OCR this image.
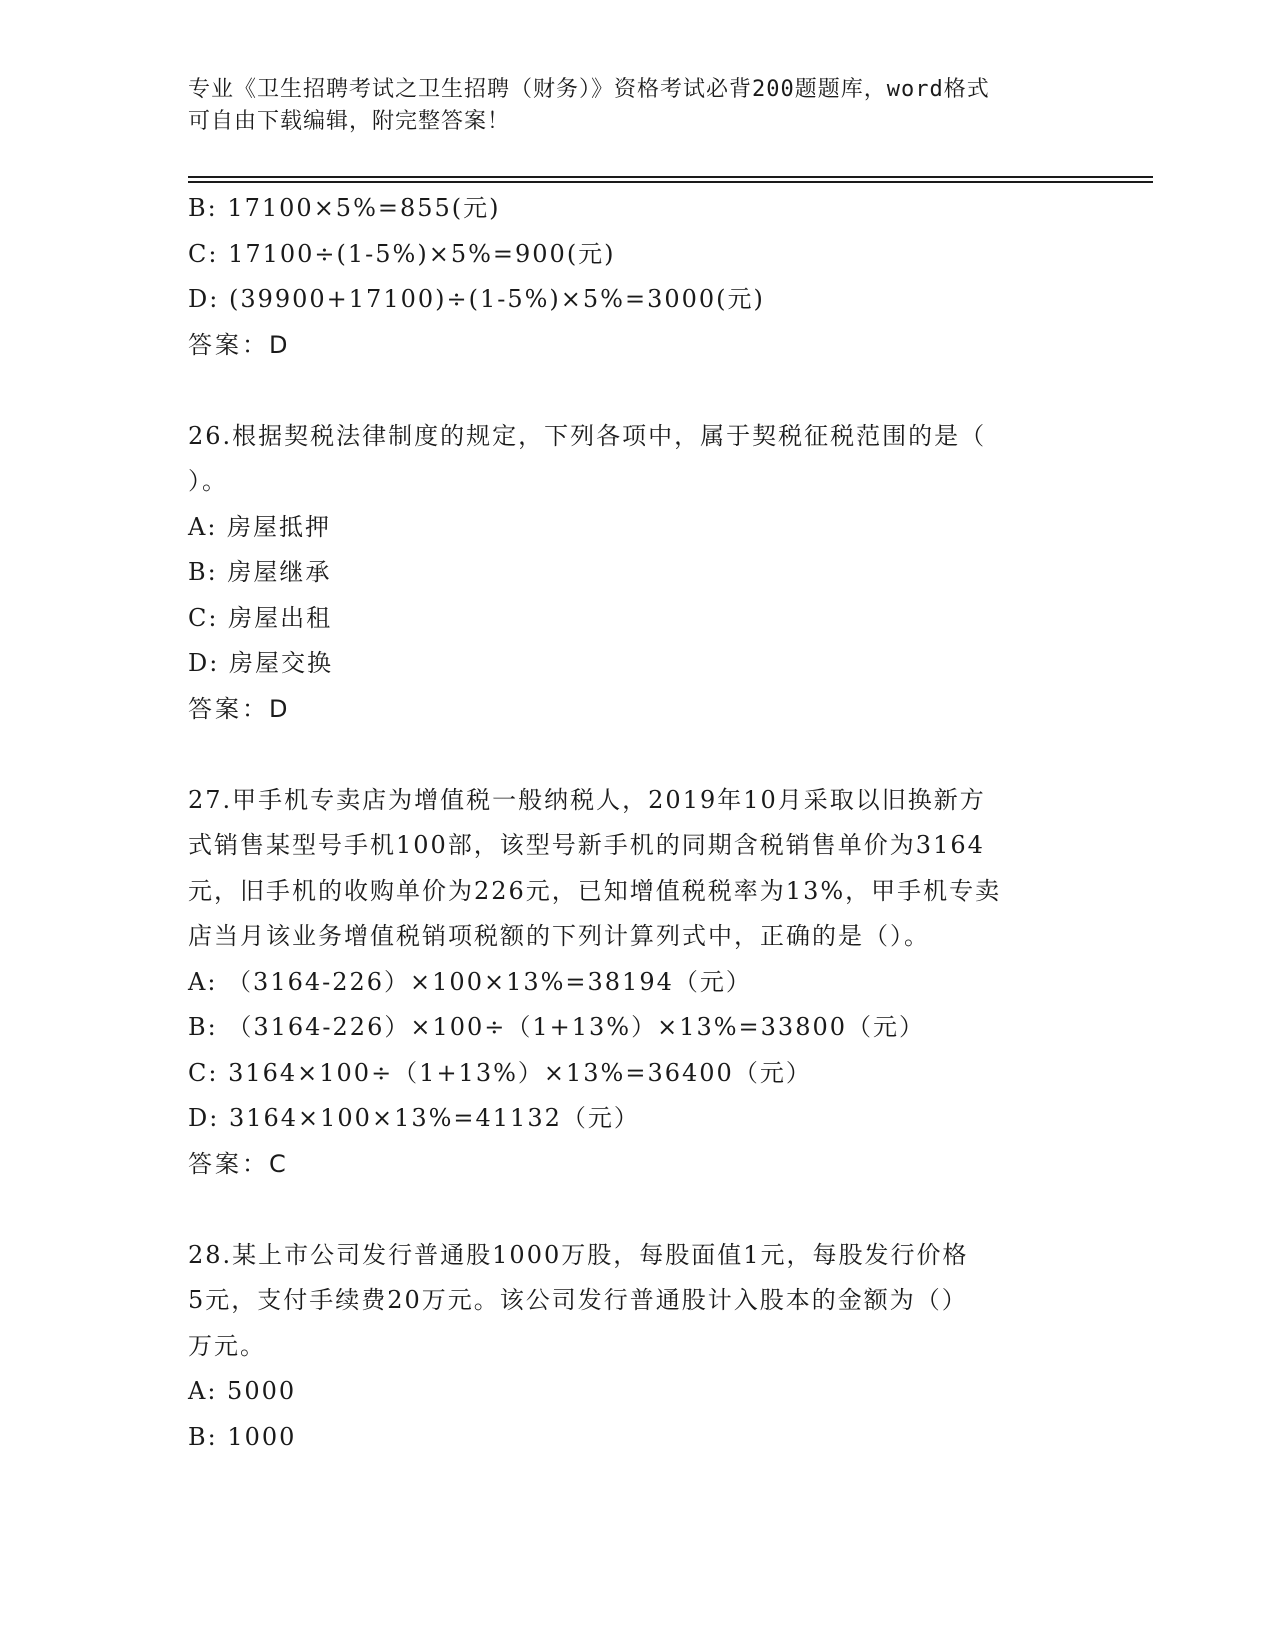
专业《卫生招聘考试之卫生招聘（财务）》资格考试必背200题题库，word格式
可自由下载编辑，附完整答案！
B: 17100×5%=855(元)
C: 17100÷(1-5%)×5%=900(元)
D: (39900+17100)÷(1-5%)×5%=3000(元)
答案：D
26.根据契税法律制度的规定，下列各项中，属于契税征税范围的是（
）。
A: 房屋抵押
B: 房屋继承
C: 房屋出租
D: 房屋交换
答案：D
27.甲手机专卖店为增值税一般纳税人，2019年10月采取以旧换新方
式销售某型号手机100部，该型号新手机的同期含税销售单价为3164
元，旧手机的收购单价为226元，已知增值税税率为13%，甲手机专卖
店当月该业务增值税销项税额的下列计算列式中，正确的是（）。
A: （3164-226）×100×13%=38194（元）
B: （3164-226）×100÷（1+13%）×13%=33800（元）
C: 3164×100÷（1+13%）×13%=36400（元）
D: 3164×100×13%=41132（元）
答案：C
28.某上市公司发行普通股1000万股，每股面值1元，每股发行价格
5元，支付手续费20万元。该公司发行普通股计入股本的金额为（）
万元。
A: 5000
B: 1000
